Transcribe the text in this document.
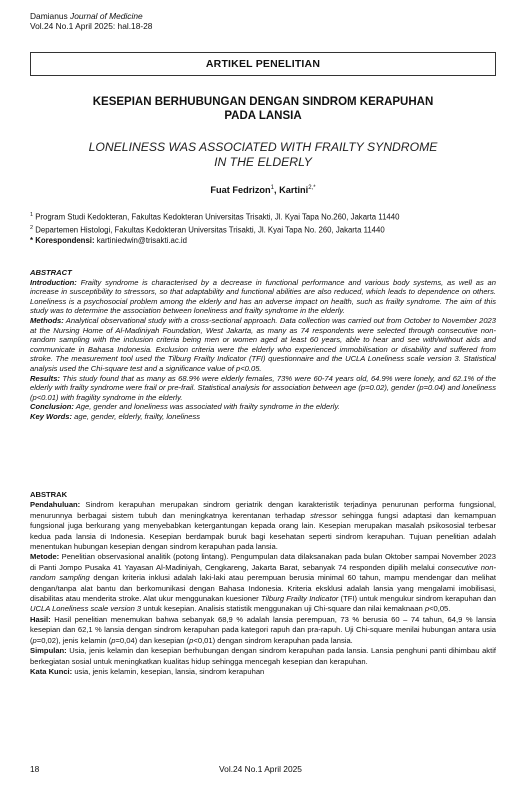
Damianus Journal of Medicine
Vol.24 No.1 April 2025: hal.18-28
ARTIKEL PENELITIAN
KESEPIAN BERHUBUNGAN DENGAN SINDROM KERAPUHAN
PADA LANSIA
LONELINESS WAS ASSOCIATED WITH FRAILTY SYNDROME
IN THE ELDERLY
Fuat Fedrizon$^1$, Kartini$^{2,*}$
$^1$ Program Studi Kedokteran, Fakultas Kedokteran Universitas Trisakti, Jl. Kyai Tapa No.260, Jakarta 11440
$^2$ Departemen Histologi, Fakultas Kedokteran Universitas Trisakti, Jl. Kyai Tapa No. 260, Jakarta 11440
* Korespondensi: kartiniedwin@trisakti.ac.id
ABSTRACT

Introduction: Frailty syndrome is characterised by a decrease in functional performance and various body systems, as well as an increase in susceptibility to stressors, so that adaptability and functional abilities are also reduced, which leads to dependence on others. Loneliness is a psychosocial problem among the elderly and has an adverse impact on health, such as frailty syndrome. The aim of this study was to determine the association between loneliness and frailty syndrome in the elderly.

Methods: Analytical observational study with a cross-sectional approach. Data collection was carried out from October to November 2023 at the Nursing Home of Al-Madiniyah Foundation, West Jakarta, as many as 74 respondents were selected through consecutive non-random sampling with the inclusion criteria being men or women aged at least 60 years, able to hear and see with/without aids and communicate in Bahasa Indonesia. Exclusion criteria were the elderly who experienced immobilisation or disability and suffered from stroke. The measurement tool used the Tilburg Frailty Indicator (TFI) questionnaire and the UCLA Loneliness scale version 3. Statistical analysis used the Chi-square test and a significance value of p<0.05.

Results: This study found that as many as 68.9% were elderly females, 73% were 60-74 years old, 64.9% were lonely, and 62.1% of the elderly with frailty syndrome were frail or pre-frail. Statistical analysis for association between age (p=0.02), gender (p=0.04) and loneliness (p<0.01) with fragility syndrome in the elderly.

Conclusion: Age, gender and loneliness was associated with frailty syndrome in the elderly.

Key Words: age, gender, elderly, frailty, loneliness

ABSTRAK

Pendahuluan: Sindrom kerapuhan merupakan sindrom geriatrik dengan karakteristik terjadinya penurunan performa fungsional, menurunnya berbagai sistem tubuh dan meningkatnya kerentanan terhadap stressor sehingga fungsi adaptasi dan kemampuan fungsional juga berkurang yang menyebabkan ketergantungan kepada orang lain. Kesepian merupakan masalah psikososial terbesar kedua pada lansia di Indonesia. Kesepian berdampak buruk bagi kesehatan seperti sindrom kerapuhan. Tujuan penelitian adalah menentukan hubungan kesepian dengan sindrom kerapuhan pada lansia.

Metode: Penelitian observasional analitik (potong lintang). Pengumpulan data dilaksanakan pada bulan Oktober sampai November 2023 di Panti Jompo Pusaka 41 Yayasan Al-Madiniyah, Cengkareng, Jakarta Barat, sebanyak 74 responden dipilih melalui consecutive non-random sampling dengan kriteria inklusi adalah laki-laki atau perempuan berusia minimal 60 tahun, mampu mendengar dan melihat dengan/tanpa alat bantu dan berkomunikasi dengan Bahasa Indonesia. Kriteria eksklusi adalah lansia yang mengalami imobilisasi, disabilitas atau menderita stroke. Alat ukur menggunakan kuesioner Tilburg Frailty Indicator (TFI) untuk mengukur sindrom kerapuhan dan UCLA Loneliness scale version 3 untuk kesepian. Analisis statistik menggunakan uji Chi-square dan nilai kemaknaan p<0,05.

Hasil: Hasil penelitian menemukan bahwa sebanyak 68,9 % adalah lansia perempuan, 73 % berusia 60 – 74 tahun, 64,9 % lansia kesepian dan 62,1 % lansia dengan sindrom kerapuhan pada kategori rapuh dan pra-rapuh. Uji Chi-square menilai hubungan antara usia (p=0,02), jenis kelamin (p=0,04) dan kesepian (p<0,01) dengan sindrom kerapuhan pada lansia.

Simpulan: Usia, jenis kelamin dan kesepian berhubungan dengan sindrom kerapuhan pada lansia. Lansia penghuni panti dihimbau aktif berkegiatan sosial untuk meningkatkan kualitas hidup sehingga mencegah kesepian dan kerapuhan.

Kata Kunci: usia, jenis kelamin, kesepian, lansia, sindrom kerapuhan

18	Vol.24 No.1 April 2025
